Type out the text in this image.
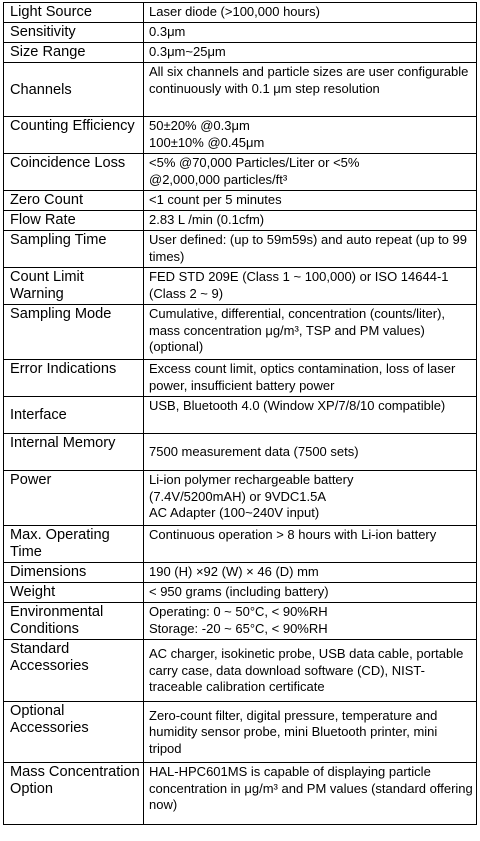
Light Source	Laser diode (>100,000 hours)
Sensitivity	0.3μm
Size Range	0.3μm~25μm
Channels	All six channels and particle sizes are user configurable continuously with 0.1 μm step resolution
Counting Efficiency	50±20% @0.3μm
100±10% @0.45μm

Coincidence Loss	<5% @70,000 Particles/Liter or <5%
@2,000,000 particles/ft³

Zero Count	<1 count per 5 minutes
Flow Rate	2.83 L /min (0.1cfm)
Sampling Time	User defined: (up to 59m59s) and auto repeat (up to 99 times)
Count Limit Warning	FED STD 209E (Class 1 ~ 100,000) or ISO 14644-1 (Class 2 ~ 9)
Sampling Mode	Cumulative, differential, concentration (counts/liter), mass concentration μg/m³, TSP and PM values) (optional)
Error Indications	Excess count limit, optics contamination, loss of laser power, insufficient battery power
Interface	USB, Bluetooth 4.0 (Window XP/7/8/10 compatible)
Internal Memory	7500 measurement data (7500 sets)
Power	Li-ion polymer rechargeable battery
(7.4V/5200mAH) or 9VDC1.5A
AC Adapter (100~240V input)

Max. Operating Time	Continuous operation > 8 hours with Li-ion battery
Dimensions	190 (H) ×92 (W) × 46 (D) mm
Weight	< 950 grams (including battery)
Environmental Conditions	Operating: 0 ~ 50°C, < 90%RH
Storage: -20 ~ 65°C, < 90%RH

Standard Accessories	AC charger, isokinetic probe, USB data cable, portable carry case, data download software (CD), NIST-traceable calibration certificate
Optional Accessories	Zero-count filter, digital pressure, temperature and humidity sensor probe, mini Bluetooth printer, mini tripod
Mass Concentration Option	HAL-HPC601MS is capable of displaying particle concentration in μg/m³ and PM values (standard offering now)
